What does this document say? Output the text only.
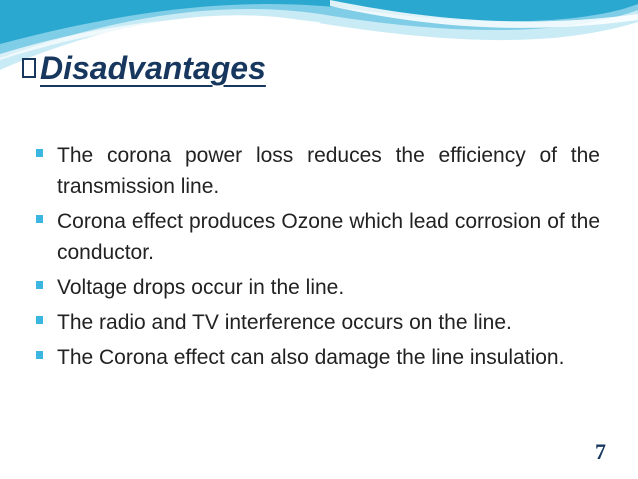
Disadvantages
The corona power loss reduces the efficiency of the transmission line.
Corona effect produces Ozone which lead corrosion of the conductor.
Voltage drops occur in the line.
The radio and TV interference occurs on the line.
The Corona effect can also damage the line insulation.
7
